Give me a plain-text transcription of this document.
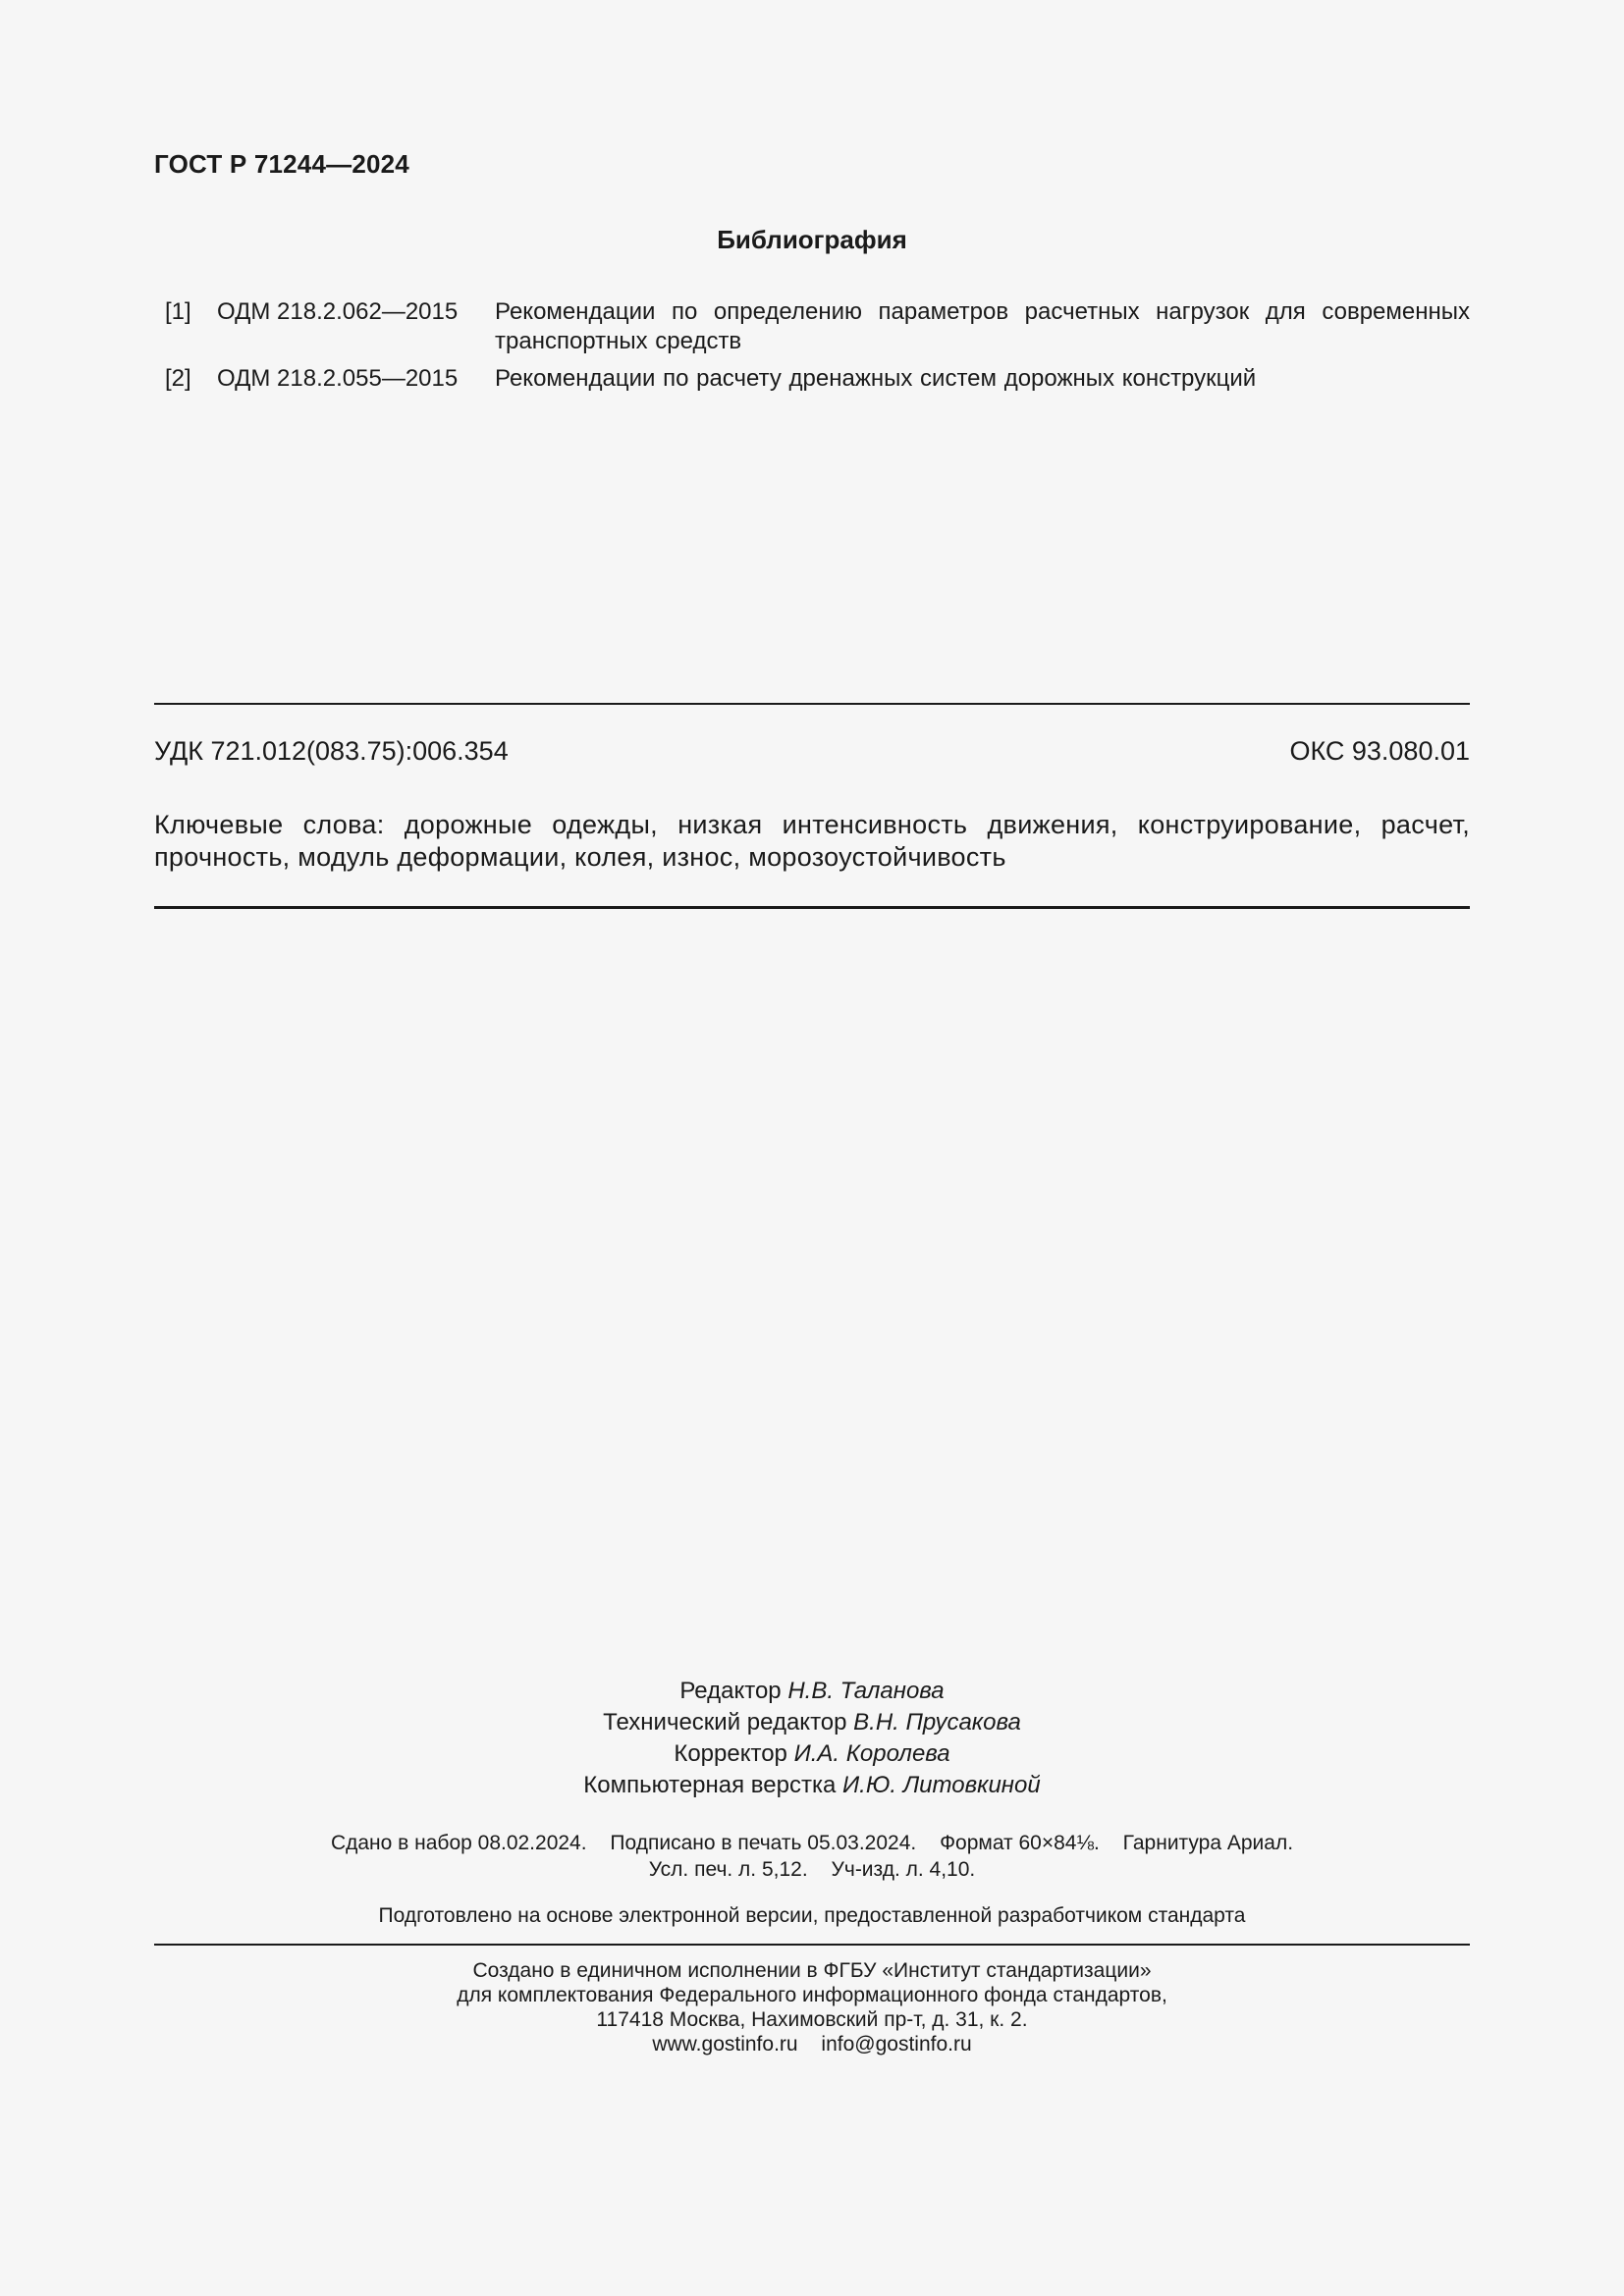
ГОСТ Р 71244—2024
Библиография
[1]	ОДМ 218.2.062—2015	Рекомендации по определению параметров расчетных нагрузок для современных транспортных средств
[2]	ОДМ 218.2.055—2015	Рекомендации по расчету дренажных систем дорожных конструкций
УДК 721.012(083.75):006.354	ОКС 93.080.01
Ключевые слова: дорожные одежды, низкая интенсивность движения, конструирование, расчет, прочность, модуль деформации, колея, износ, морозоустойчивость
Редактор Н.В. Таланова
Технический редактор В.Н. Прусакова
Корректор И.А. Королева
Компьютерная верстка И.Ю. Литовкиной
Сдано в набор 08.02.2024. Подписано в печать 05.03.2024. Формат 60×84⅛. Гарнитура Ариал.
Усл. печ. л. 5,12. Уч-изд. л. 4,10.
Подготовлено на основе электронной версии, предоставленной разработчиком стандарта
Создано в единичном исполнении в ФГБУ «Институт стандартизации»
для комплектования Федерального информационного фонда стандартов,
117418 Москва, Нахимовский пр-т, д. 31, к. 2.
www.gostinfo.ru info@gostinfo.ru
